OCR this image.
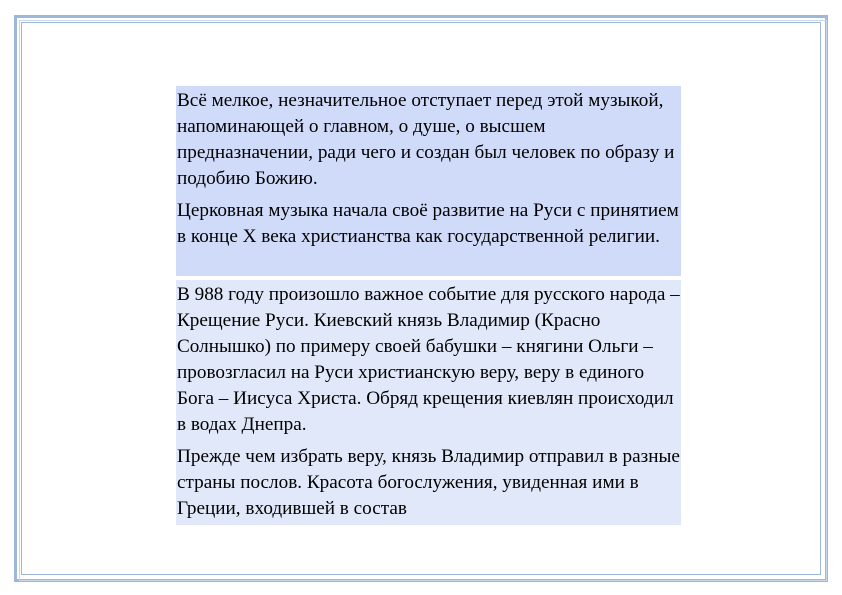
Всё мелкое, незначительное отступает перед этой музыкой, напоминающей о главном, о душе, о высшем предназначении, ради чего и создан был человек по образу и подобию Божию.

Церковная музыка начала своё развитие на Руси с принятием в конце X века христианства как государственной религии.

В 988 году произошло важное событие для русского народа – Крещение Руси. Киевский князь Владимир (Красно Солнышко) по примеру своей бабушки – княгини Ольги – провозгласил на Руси христианскую веру, веру в единого Бога – Иисуса Христа. Обряд крещения киевлян происходил в водах Днепра.

Прежде чем избрать веру, князь Владимир отправил в разные страны послов. Красота богослужения, увиденная ими в Греции, входившей в состав
